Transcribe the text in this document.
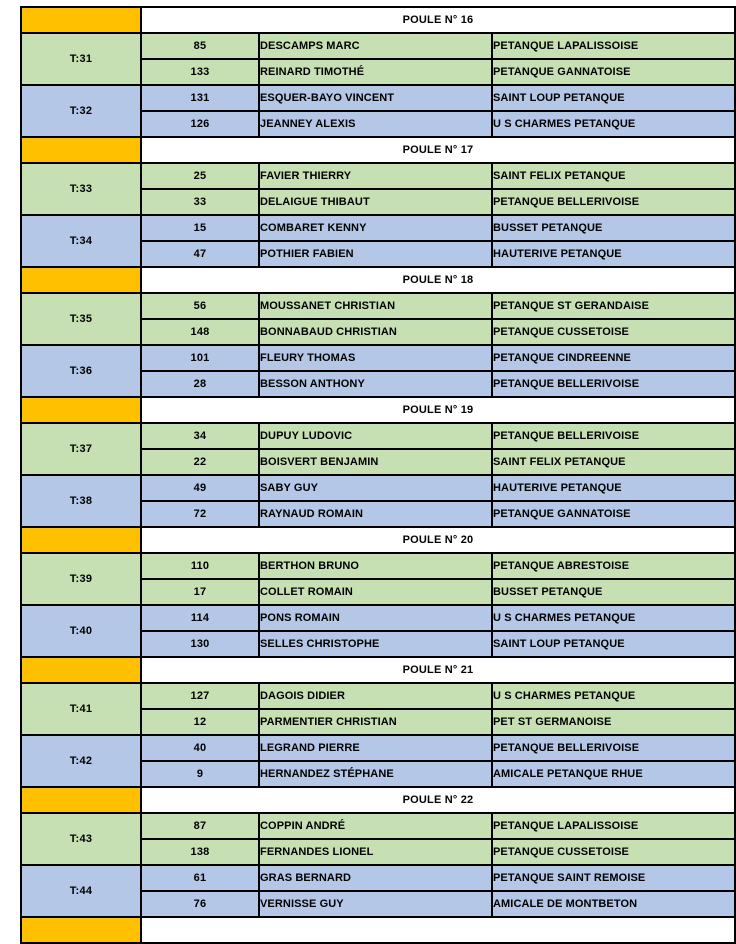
	POULE N° 16		
T:31	85	DESCAMPS MARC	PETANQUE LAPALISSOISE
	133	REINARD TIMOTHÉ	PETANQUE GANNATOISE
T:32	131	ESQUER-BAYO VINCENT	SAINT LOUP PETANQUE
	126	JEANNEY ALEXIS	U S CHARMES PETANQUE
	POULE N° 17		
T:33	25	FAVIER THIERRY	SAINT FELIX PETANQUE
	33	DELAIGUE THIBAUT	PETANQUE BELLERIVOISE
T:34	15	COMBARET KENNY	BUSSET PETANQUE
	47	POTHIER FABIEN	HAUTERIVE PETANQUE
	POULE N° 18		
T:35	56	MOUSSANET CHRISTIAN	PETANQUE ST GERANDAISE
	148	BONNABAUD CHRISTIAN	PETANQUE CUSSETOISE
T:36	101	FLEURY THOMAS	PETANQUE CINDREENNE
	28	BESSON ANTHONY	PETANQUE BELLERIVOISE
	POULE N° 19		
T:37	34	DUPUY LUDOVIC	PETANQUE BELLERIVOISE
	22	BOISVERT BENJAMIN	SAINT FELIX PETANQUE
T:38	49	SABY GUY	HAUTERIVE PETANQUE
	72	RAYNAUD ROMAIN	PETANQUE GANNATOISE
	POULE N° 20		
T:39	110	BERTHON BRUNO	PETANQUE ABRESTOISE
	17	COLLET ROMAIN	BUSSET PETANQUE
T:40	114	PONS ROMAIN	U S CHARMES PETANQUE
	130	SELLES CHRISTOPHE	SAINT LOUP PETANQUE
	POULE N° 21		
T:41	127	DAGOIS DIDIER	U S CHARMES PETANQUE
	12	PARMENTIER CHRISTIAN	PET ST GERMANOISE
T:42	40	LEGRAND PIERRE	PETANQUE BELLERIVOISE
	9	HERNANDEZ STÉPHANE	AMICALE PETANQUE RHUE
	POULE N° 22		
T:43	87	COPPIN ANDRÉ	PETANQUE LAPALISSOISE
	138	FERNANDES LIONEL	PETANQUE CUSSETOISE
T:44	61	GRAS BERNARD	PETANQUE SAINT REMOISE
	76	VERNISSE GUY	AMICALE DE MONTBETON
